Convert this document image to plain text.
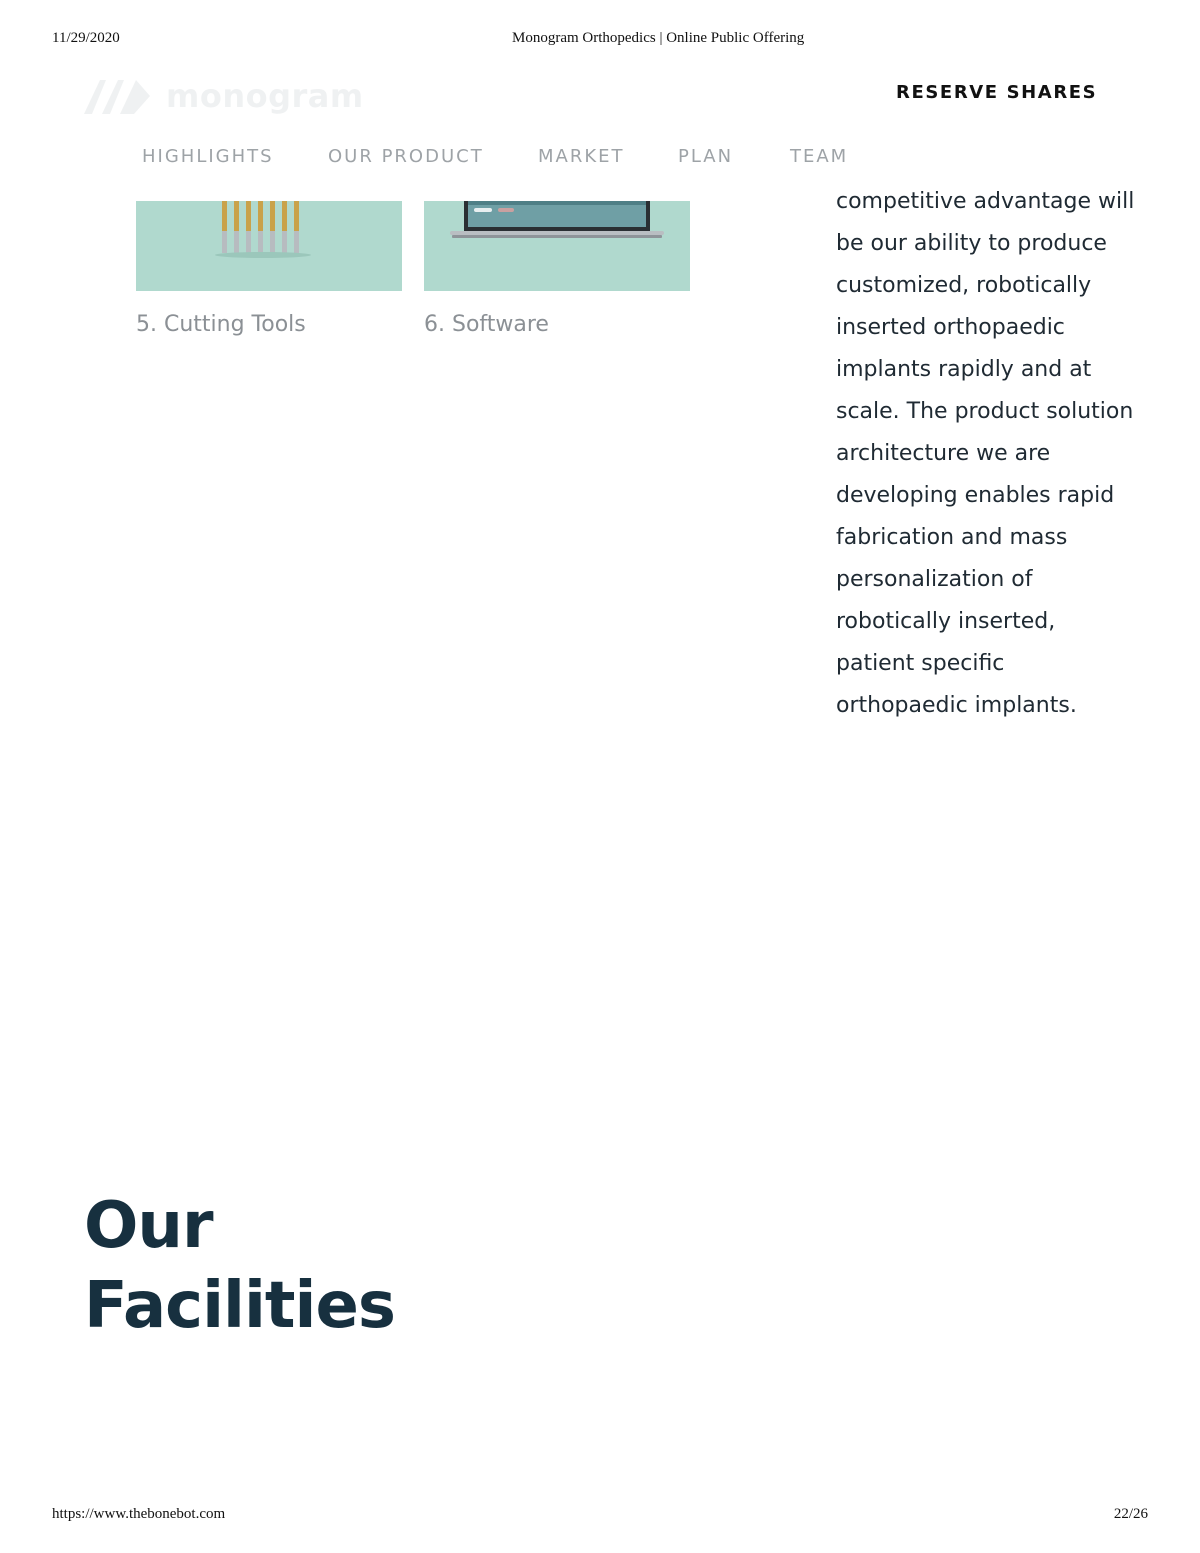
11/29/2020	Monogram Orthopedics | Online Public Offering
monogram	RESERVE SHARES
HIGHLIGHTS	OUR PRODUCT	MARKET	PLAN	TEAM
5. Cutting Tools	6. Software

competitive advantage will be our ability to produce customized, robotically inserted orthopaedic implants rapidly and at scale. The product solution architecture we are developing enables rapid fabrication and mass personalization of robotically inserted, patient specific orthopaedic implants.

Our
Facilities
https://www.thebonebot.com	22/26
